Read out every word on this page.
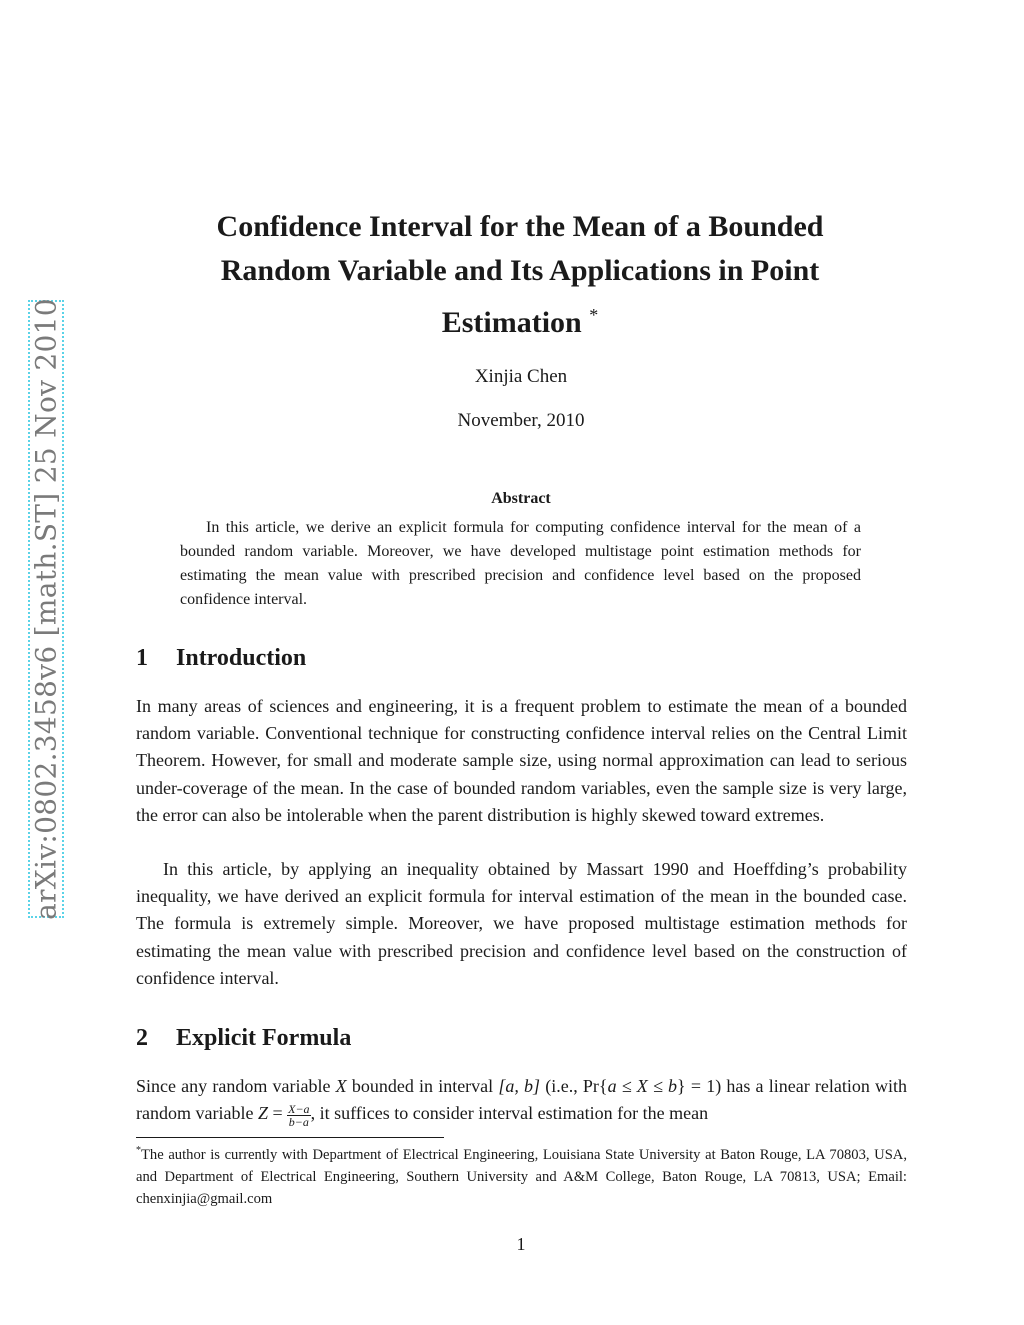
arXiv:0802.3458v6 [math.ST] 25 Nov 2010
Confidence Interval for the Mean of a Bounded
Random Variable and Its Applications in Point
Estimation *
Xinjia Chen
November, 2010
Abstract
In this article, we derive an explicit formula for computing confidence interval for the mean of a bounded random variable. Moreover, we have developed multistage point estimation methods for estimating the mean value with prescribed precision and confidence level based on the proposed confidence interval.
1 Introduction
In many areas of sciences and engineering, it is a frequent problem to estimate the mean of a bounded random variable. Conventional technique for constructing confidence interval relies on the Central Limit Theorem. However, for small and moderate sample size, using normal approximation can lead to serious under-coverage of the mean. In the case of bounded random variables, even the sample size is very large, the error can also be intolerable when the parent distribution is highly skewed toward extremes.
In this article, by applying an inequality obtained by Massart 1990 and Hoeffding’s probability inequality, we have derived an explicit formula for interval estimation of the mean in the bounded case. The formula is extremely simple. Moreover, we have proposed multistage estimation methods for estimating the mean value with prescribed precision and confidence level based on the construction of confidence interval.
2 Explicit Formula
Since any random variable X bounded in interval [a, b] (i.e., Pr{a ≤ X ≤ b} = 1) has a linear relation with random variable $Z = \frac{X-a}{b-a}$ , it suffices to consider interval estimation for the mean
*The author is currently with Department of Electrical Engineering, Louisiana State University at Baton Rouge, LA 70803, USA, and Department of Electrical Engineering, Southern University and A&M College, Baton Rouge, LA 70813, USA; Email: chenxinjia@gmail.com
1
